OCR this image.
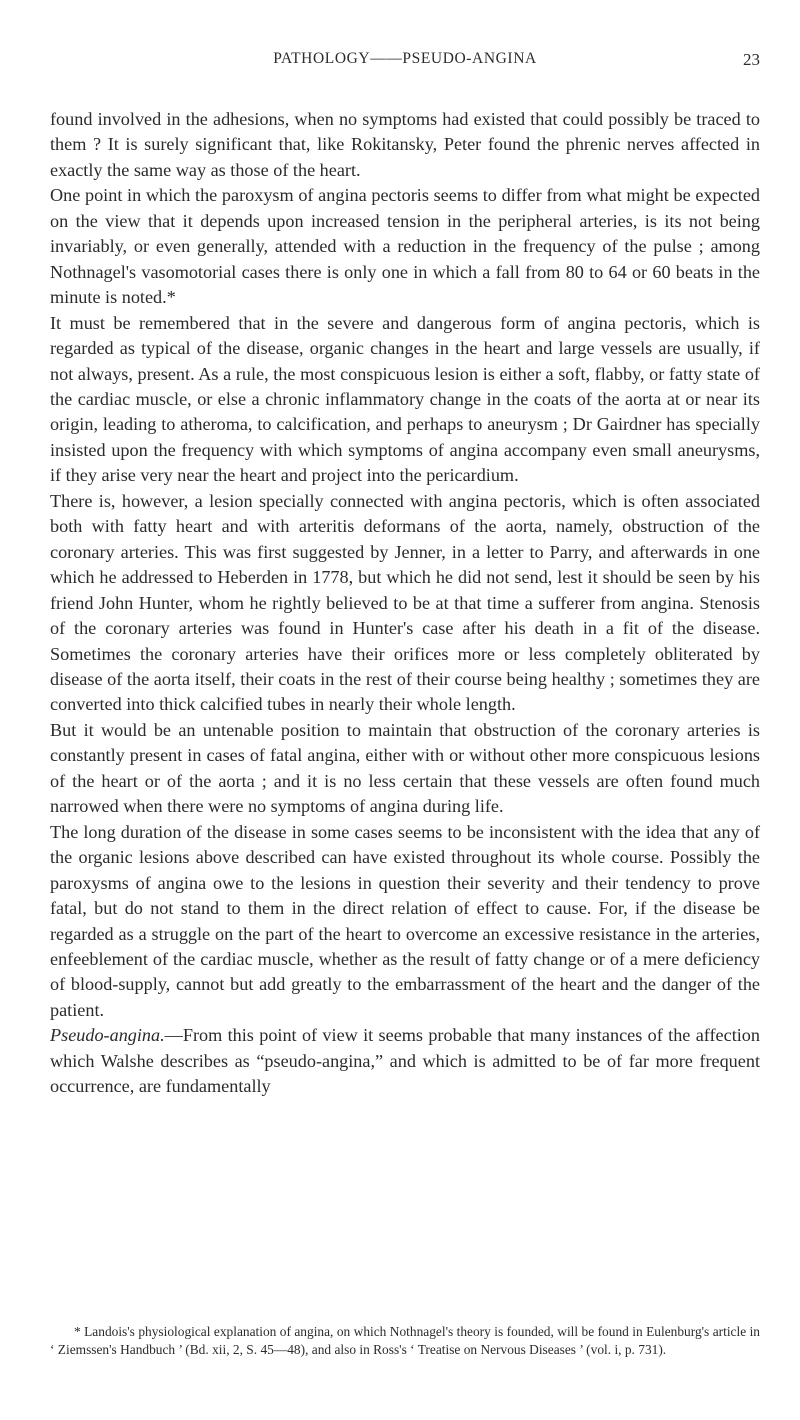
PATHOLOGY——PSEUDO-ANGINA	23

found involved in the adhesions, when no symptoms had existed that could possibly be traced to them ? It is surely significant that, like Rokitansky, Peter found the phrenic nerves affected in exactly the same way as those of the heart.

One point in which the paroxysm of angina pectoris seems to differ from what might be expected on the view that it depends upon increased tension in the peripheral arteries, is its not being invariably, or even generally, attended with a reduction in the frequency of the pulse ; among Nothnagel's vasomotorial cases there is only one in which a fall from 80 to 64 or 60 beats in the minute is noted.*

It must be remembered that in the severe and dangerous form of angina pectoris, which is regarded as typical of the disease, organic changes in the heart and large vessels are usually, if not always, present. As a rule, the most conspicuous lesion is either a soft, flabby, or fatty state of the cardiac muscle, or else a chronic inflammatory change in the coats of the aorta at or near its origin, leading to atheroma, to calcification, and perhaps to aneurysm ; Dr Gairdner has specially insisted upon the frequency with which symptoms of angina accompany even small aneurysms, if they arise very near the heart and project into the pericardium.

There is, however, a lesion specially connected with angina pectoris, which is often associated both with fatty heart and with arteritis deformans of the aorta, namely, obstruction of the coronary arteries. This was first suggested by Jenner, in a letter to Parry, and afterwards in one which he addressed to Heberden in 1778, but which he did not send, lest it should be seen by his friend John Hunter, whom he rightly believed to be at that time a sufferer from angina. Stenosis of the coronary arteries was found in Hunter's case after his death in a fit of the disease. Sometimes the coronary arteries have their orifices more or less completely obliterated by disease of the aorta itself, their coats in the rest of their course being healthy ; sometimes they are converted into thick calcified tubes in nearly their whole length.

But it would be an untenable position to maintain that obstruction of the coronary arteries is constantly present in cases of fatal angina, either with or without other more conspicuous lesions of the heart or of the aorta ; and it is no less certain that these vessels are often found much narrowed when there were no symptoms of angina during life.

The long duration of the disease in some cases seems to be inconsistent with the idea that any of the organic lesions above described can have existed throughout its whole course. Possibly the paroxysms of angina owe to the lesions in question their severity and their tendency to prove fatal, but do not stand to them in the direct relation of effect to cause. For, if the disease be regarded as a struggle on the part of the heart to overcome an excessive resistance in the arteries, enfeeblement of the cardiac muscle, whether as the result of fatty change or of a mere deficiency of blood-supply, cannot but add greatly to the embarrassment of the heart and the danger of the patient.

Pseudo-angina.—From this point of view it seems probable that many instances of the affection which Walshe describes as “pseudo-angina,” and which is admitted to be of far more frequent occurrence, are fundamentally

* Landois's physiological explanation of angina, on which Nothnagel's theory is founded, will be found in Eulenburg's article in ‘ Ziemssen's Handbuch ’ (Bd. xii, 2, S. 45—48), and also in Ross's ‘ Treatise on Nervous Diseases ’ (vol. i, p. 731).
